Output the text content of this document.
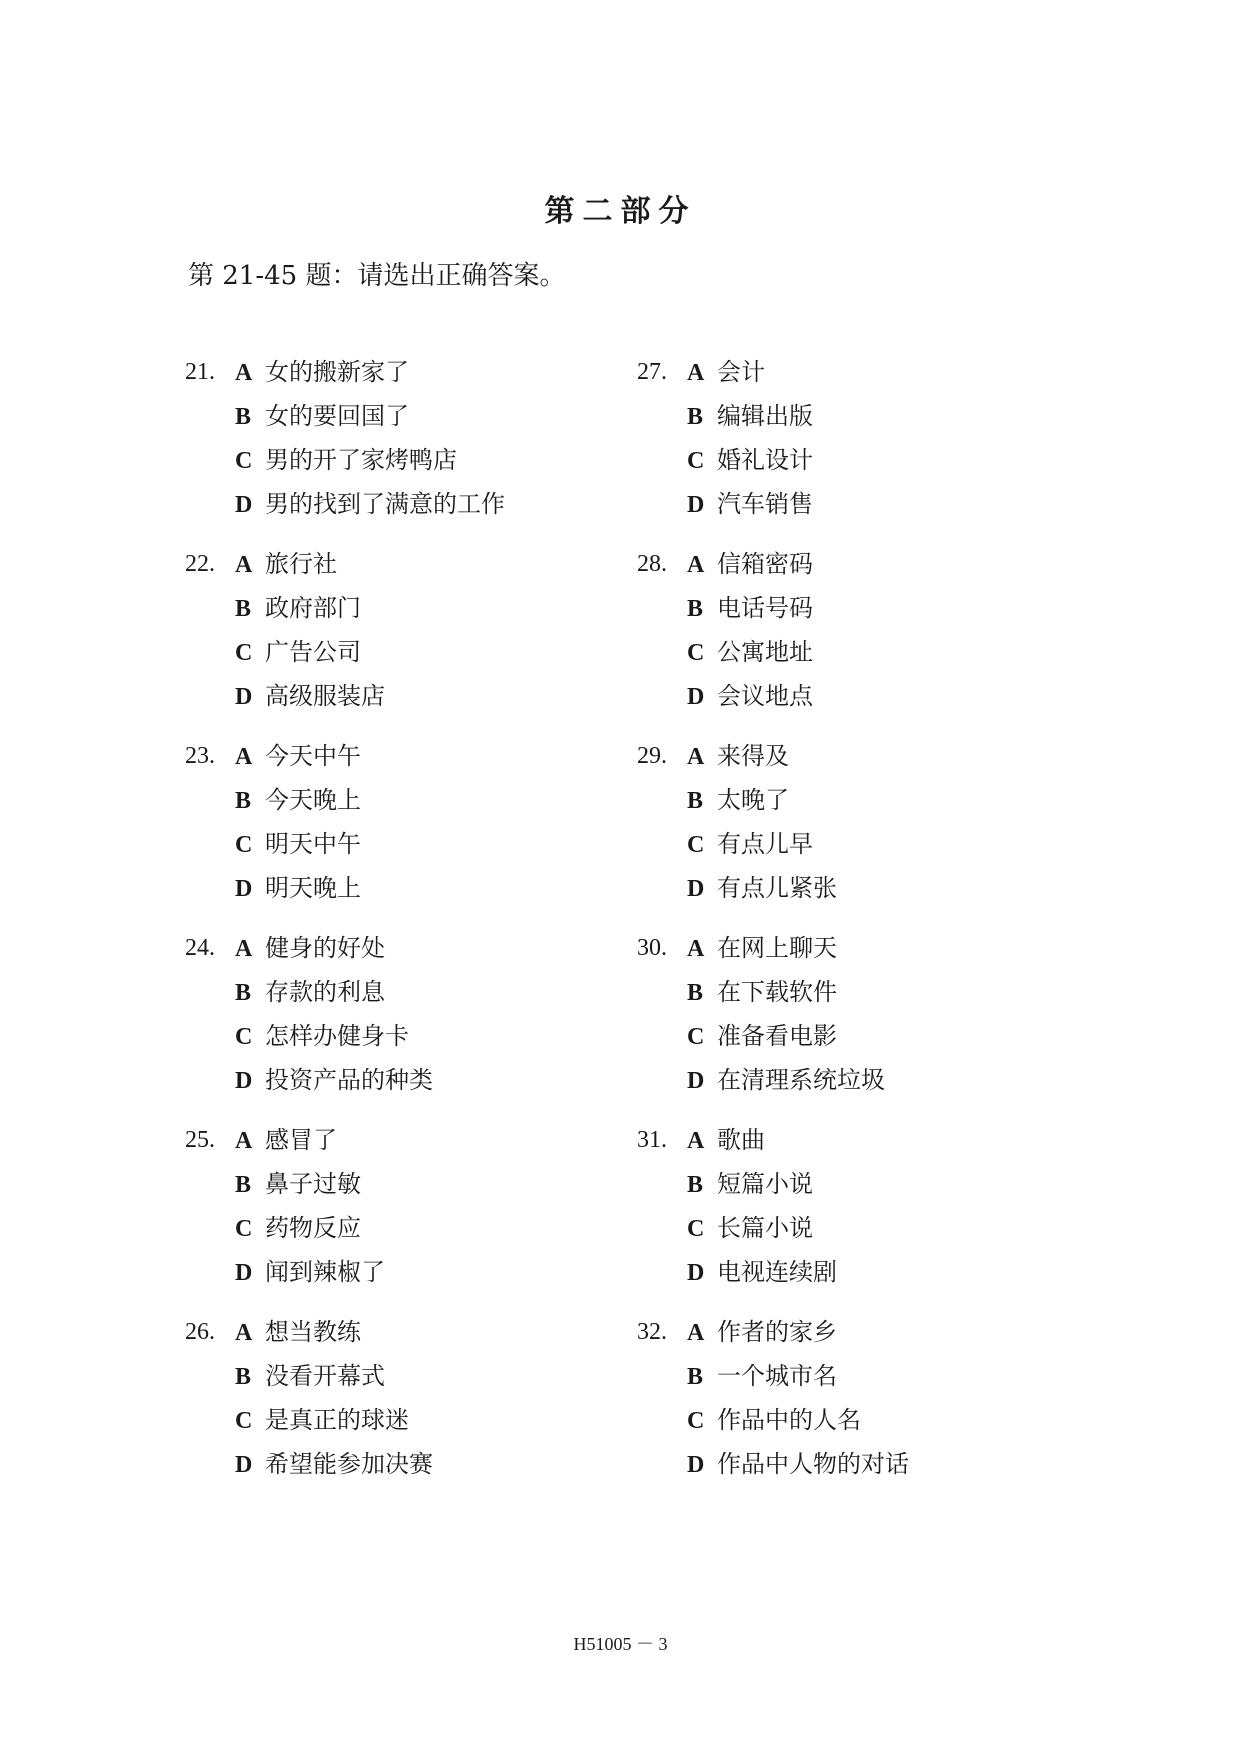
第二部分
第 21-45 题：请选出正确答案。
21. A 女的搬新家了
B 女的要回国了
C 男的开了家烤鸭店
D 男的找到了满意的工作
22. A 旅行社
B 政府部门
C 广告公司
D 高级服装店
23. A 今天中午
B 今天晚上
C 明天中午
D 明天晚上
24. A 健身的好处
B 存款的利息
C 怎样办健身卡
D 投资产品的种类
25. A 感冒了
B 鼻子过敏
C 药物反应
D 闻到辣椒了
26. A 想当教练
B 没看开幕式
C 是真正的球迷
D 希望能参加决赛
27. A 会计
B 编辑出版
C 婚礼设计
D 汽车销售
28. A 信箱密码
B 电话号码
C 公寓地址
D 会议地点
29. A 来得及
B 太晚了
C 有点儿早
D 有点儿紧张
30. A 在网上聊天
B 在下载软件
C 准备看电影
D 在清理系统垃圾
31. A 歌曲
B 短篇小说
C 长篇小说
D 电视连续剧
32. A 作者的家乡
B 一个城市名
C 作品中的人名
D 作品中人物的对话
H51005 － 3
